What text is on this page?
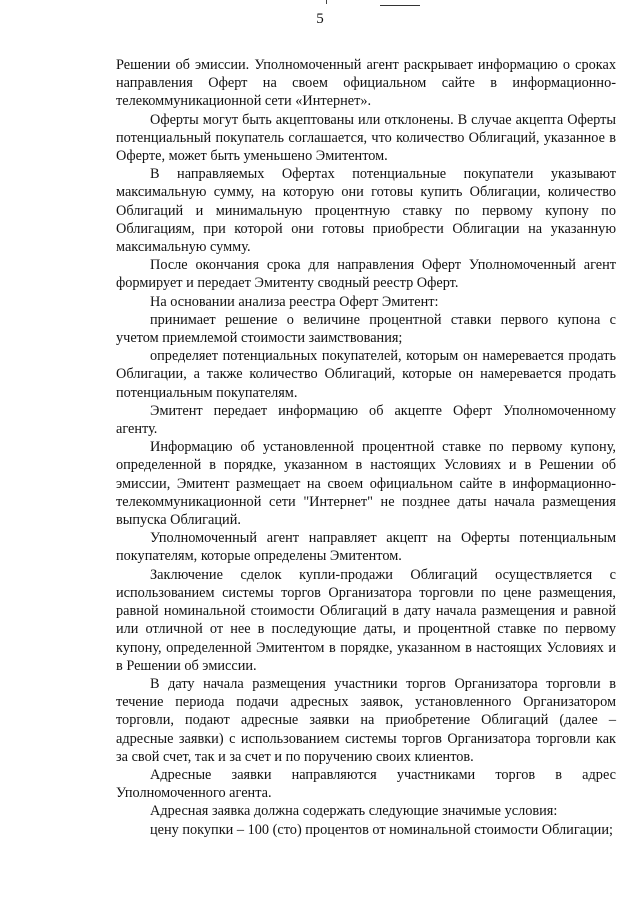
5

Решении об эмиссии. Уполномоченный агент раскрывает информацию о сроках направления Оферт на своем официальном сайте в информационно-телекоммуникационной сети «Интернет».

Оферты могут быть акцептованы или отклонены. В случае акцепта Оферты потенциальный покупатель соглашается, что количество Облигаций, указанное в Оферте, может быть уменьшено Эмитентом.

В направляемых Офертах потенциальные покупатели указывают максимальную сумму, на которую они готовы купить Облигации, количество Облигаций и минимальную процентную ставку по первому купону по Облигациям, при которой они готовы приобрести Облигации на указанную максимальную сумму.

После окончания срока для направления Оферт Уполномоченный агент формирует и передает Эмитенту сводный реестр Оферт.

На основании анализа реестра Оферт Эмитент:

принимает решение о величине процентной ставки первого купона с учетом приемлемой стоимости заимствования;

определяет потенциальных покупателей, которым он намеревается продать Облигации, а также количество Облигаций, которые он намеревается продать потенциальным покупателям.

Эмитент передает информацию об акцепте Оферт Уполномоченному агенту.

Информацию об установленной процентной ставке по первому купону, определенной в порядке, указанном в настоящих Условиях и в Решении об эмиссии, Эмитент размещает на своем официальном сайте в информационно-телекоммуникационной сети "Интернет" не позднее даты начала размещения выпуска Облигаций.

Уполномоченный агент направляет акцепт на Оферты потенциальным покупателям, которые определены Эмитентом.

Заключение сделок купли-продажи Облигаций осуществляется с использованием системы торгов Организатора торговли по цене размещения, равной номинальной стоимости Облигаций в дату начала размещения и равной или отличной от нее в последующие даты, и процентной ставке по первому купону, определенной Эмитентом в порядке, указанном в настоящих Условиях и в Решении об эмиссии.

В дату начала размещения участники торгов Организатора торговли в течение периода подачи адресных заявок, установленного Организатором торговли, подают адресные заявки на приобретение Облигаций (далее – адресные заявки) с использованием системы торгов Организатора торговли как за свой счет, так и за счет и по поручению своих клиентов.

Адресные заявки направляются участниками торгов в адрес Уполномоченного агента.

Адресная заявка должна содержать следующие значимые условия:

цену покупки – 100 (сто) процентов от номинальной стоимости Облигации;
